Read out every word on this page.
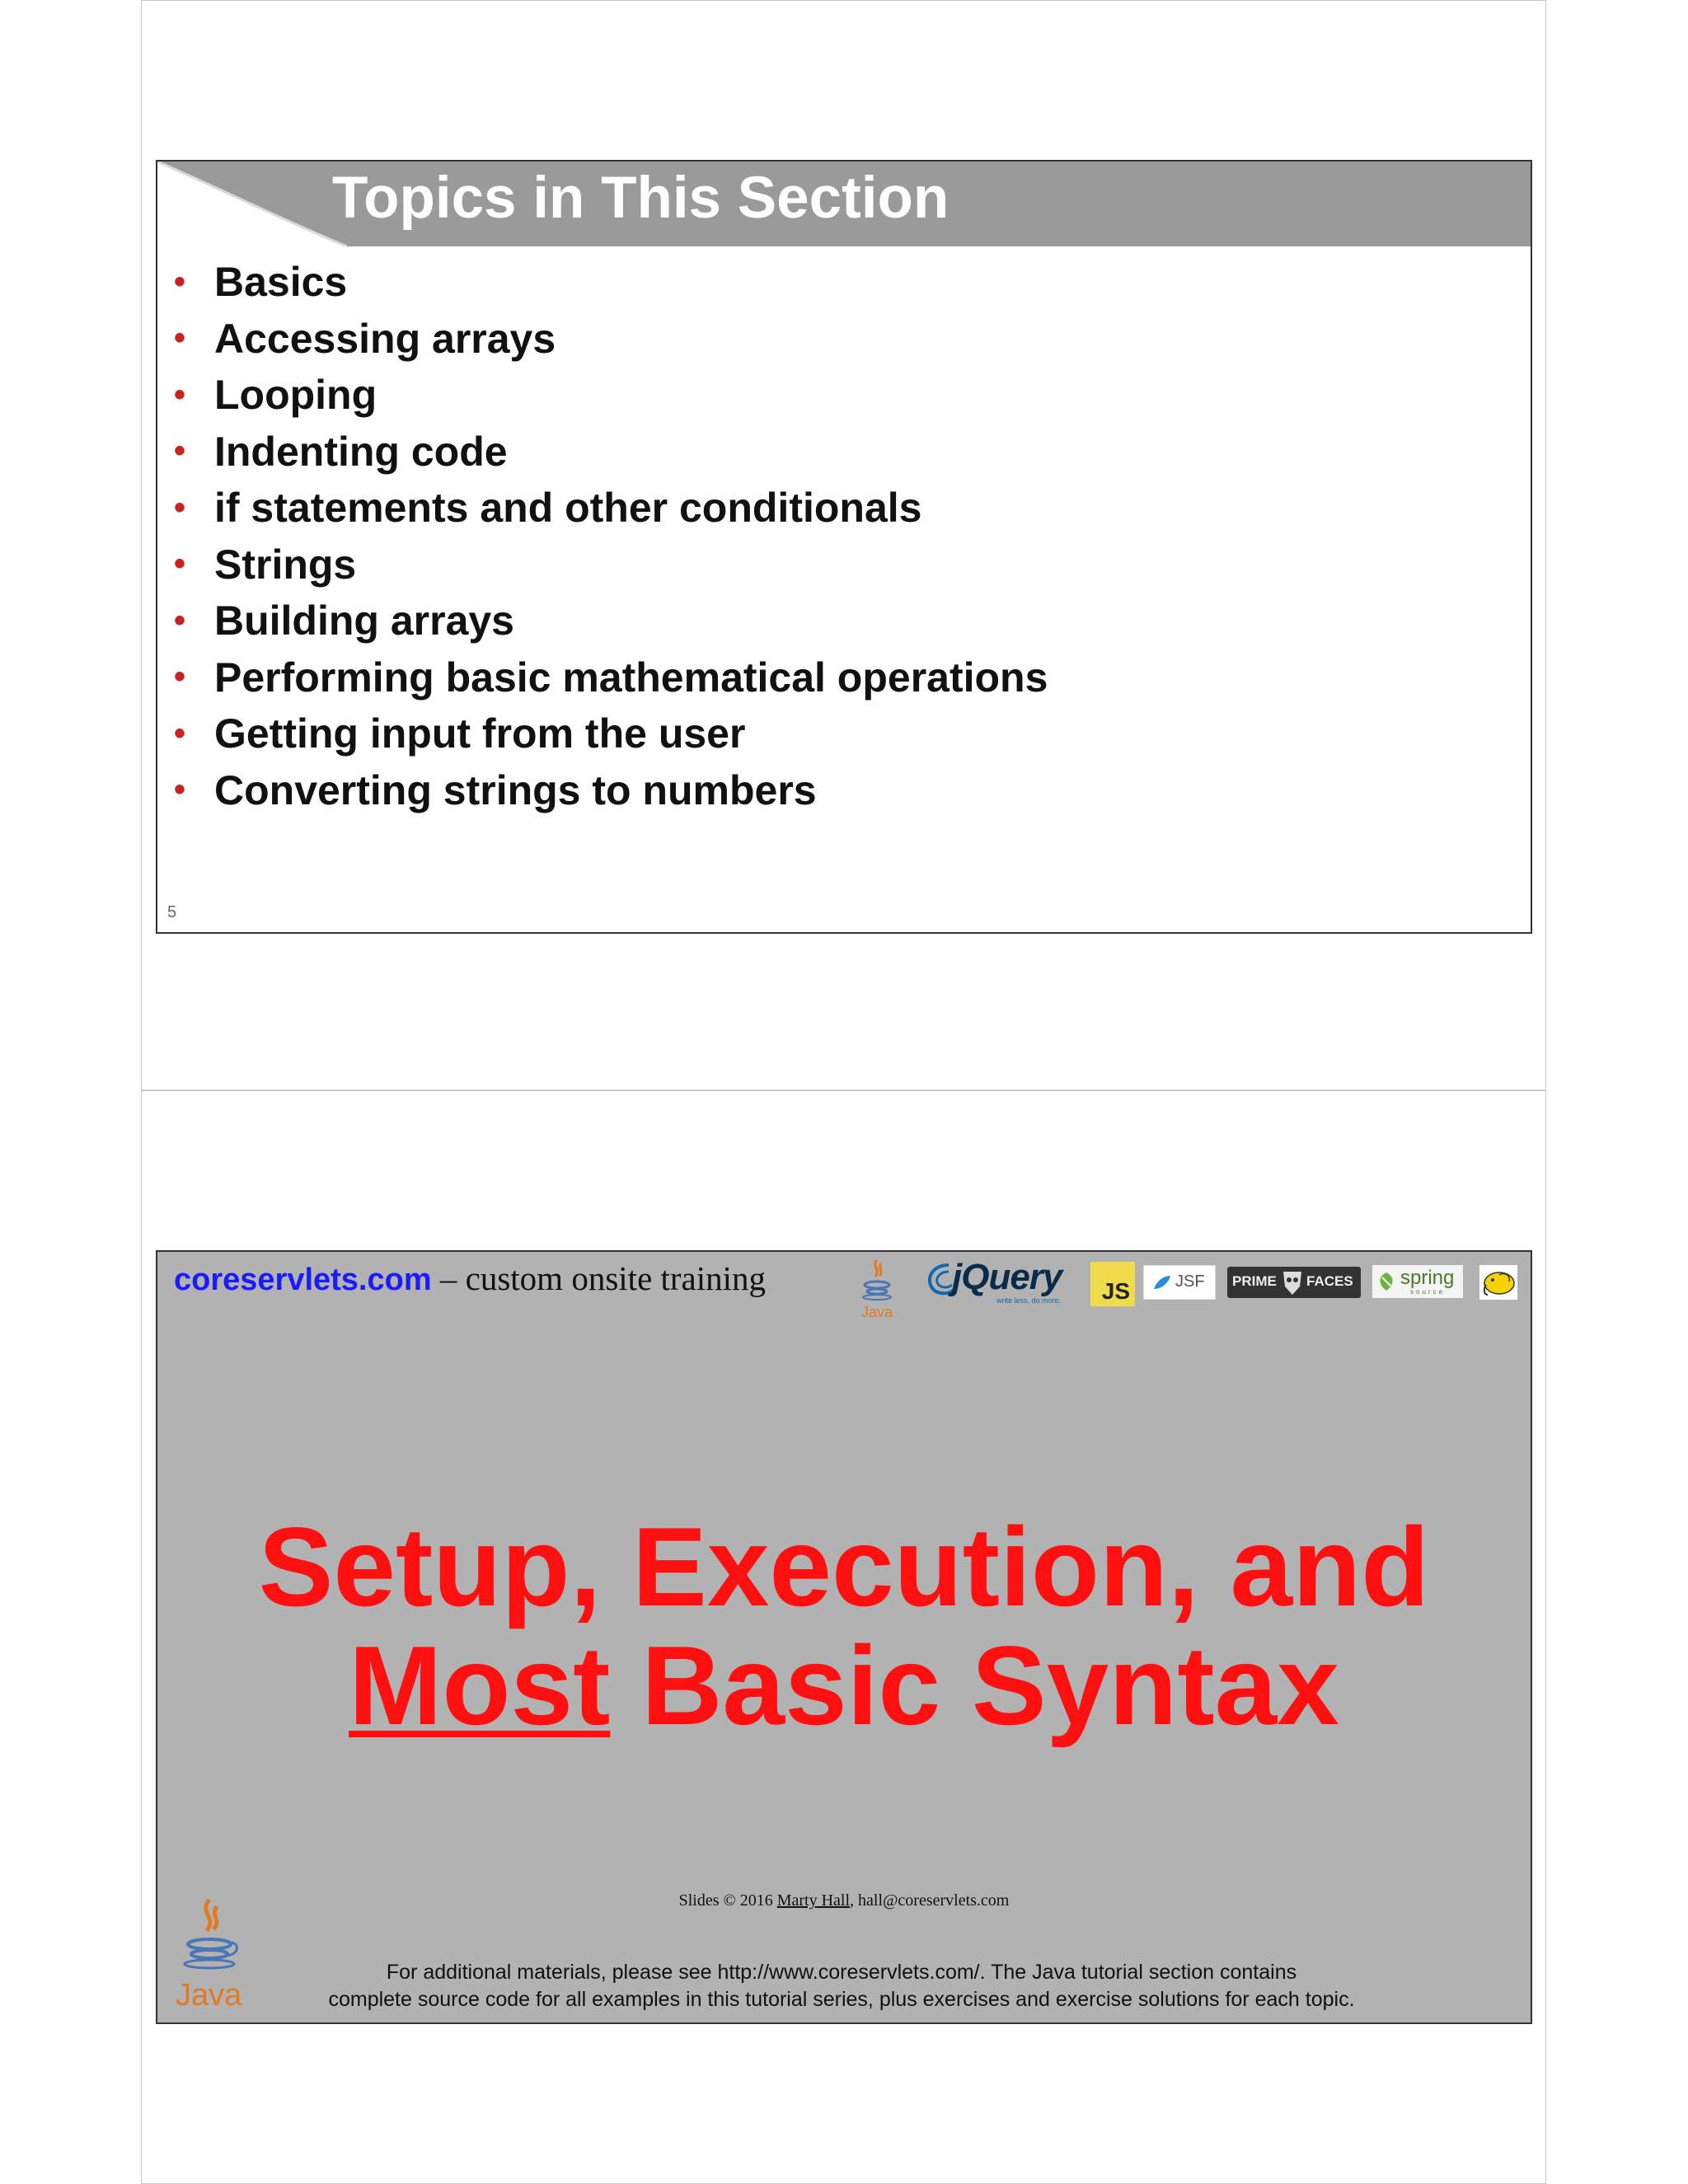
Topics in This Section
• Basics
• Accessing arrays
• Looping
• Indenting code
• if statements and other conditionals
• Strings
• Building arrays
• Performing basic mathematical operations
• Getting input from the user
• Converting strings to numbers
5
coreservlets.com – custom onsite training
Java
jQuery
write less, do more. JS	JSF PRIME FACES spring
source
Setup, Execution, and
Most Basic Syntax
Slides © 2016 Marty Hall, hall@coreservlets.com
Java
For additional materials, please see http://www.coreservlets.com/. The Java tutorial section contains
complete source code for all examples in this tutorial series, plus exercises and exercise solutions for each topic.
